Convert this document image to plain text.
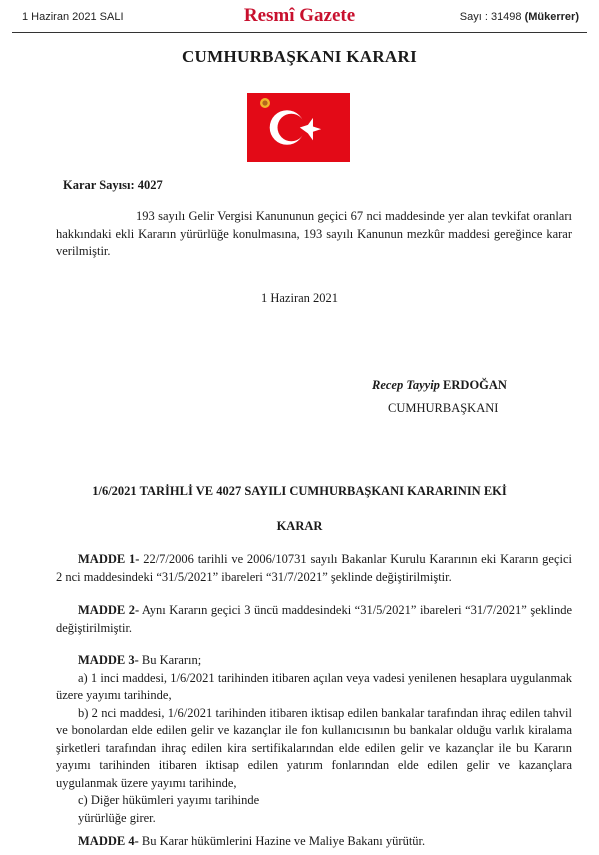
1 Haziran 2021 SALI	Resmî Gazete	Sayı : 31498 (Mükerrer)
CUMHURBAŞKANI KARARI
Karar Sayısı: 4027

193 sayılı Gelir Vergisi Kanununun geçici 67 nci maddesinde yer alan tevkifat oranları hakkındaki ekli Kararın yürürlüğe konulmasına, 193 sayılı Kanunun mezkûr maddesi gereğince karar verilmiştir.

1 Haziran 2021
Recep Tayyip ERDOĞAN
CUMHURBAŞKANI
1/6/2021 TARİHLİ VE 4027 SAYILI CUMHURBAŞKANI KARARININ EKİ
KARAR

MADDE 1- 22/7/2006 tarihli ve 2006/10731 sayılı Bakanlar Kurulu Kararının eki Kararın geçici 2 nci maddesindeki “31/5/2021” ibareleri “31/7/2021” şeklinde değiştirilmiştir.

MADDE 2- Aynı Kararın geçici 3 üncü maddesindeki “31/5/2021” ibareleri “31/7/2021” şeklinde değiştirilmiştir.

MADDE 3- Bu Kararın;

a) 1 inci maddesi, 1/6/2021 tarihinden itibaren açılan veya vadesi yenilenen hesaplara uygulanmak üzere yayımı tarihinde,

b) 2 nci maddesi, 1/6/2021 tarihinden itibaren iktisap edilen bankalar tarafından ihraç edilen tahvil ve bonolardan elde edilen gelir ve kazançlar ile fon kullanıcısının bu bankalar olduğu varlık kiralama şirketleri tarafından ihraç edilen kira sertifikalarından elde edilen gelir ve kazançlar ile bu Kararın yayımı tarihinden itibaren iktisap edilen yatırım fonlarından elde edilen gelir ve kazançlara uygulanmak üzere yayımı tarihinde,

c) Diğer hükümleri yayımı tarihinde

yürürlüğe girer.

MADDE 4- Bu Karar hükümlerini Hazine ve Maliye Bakanı yürütür.
